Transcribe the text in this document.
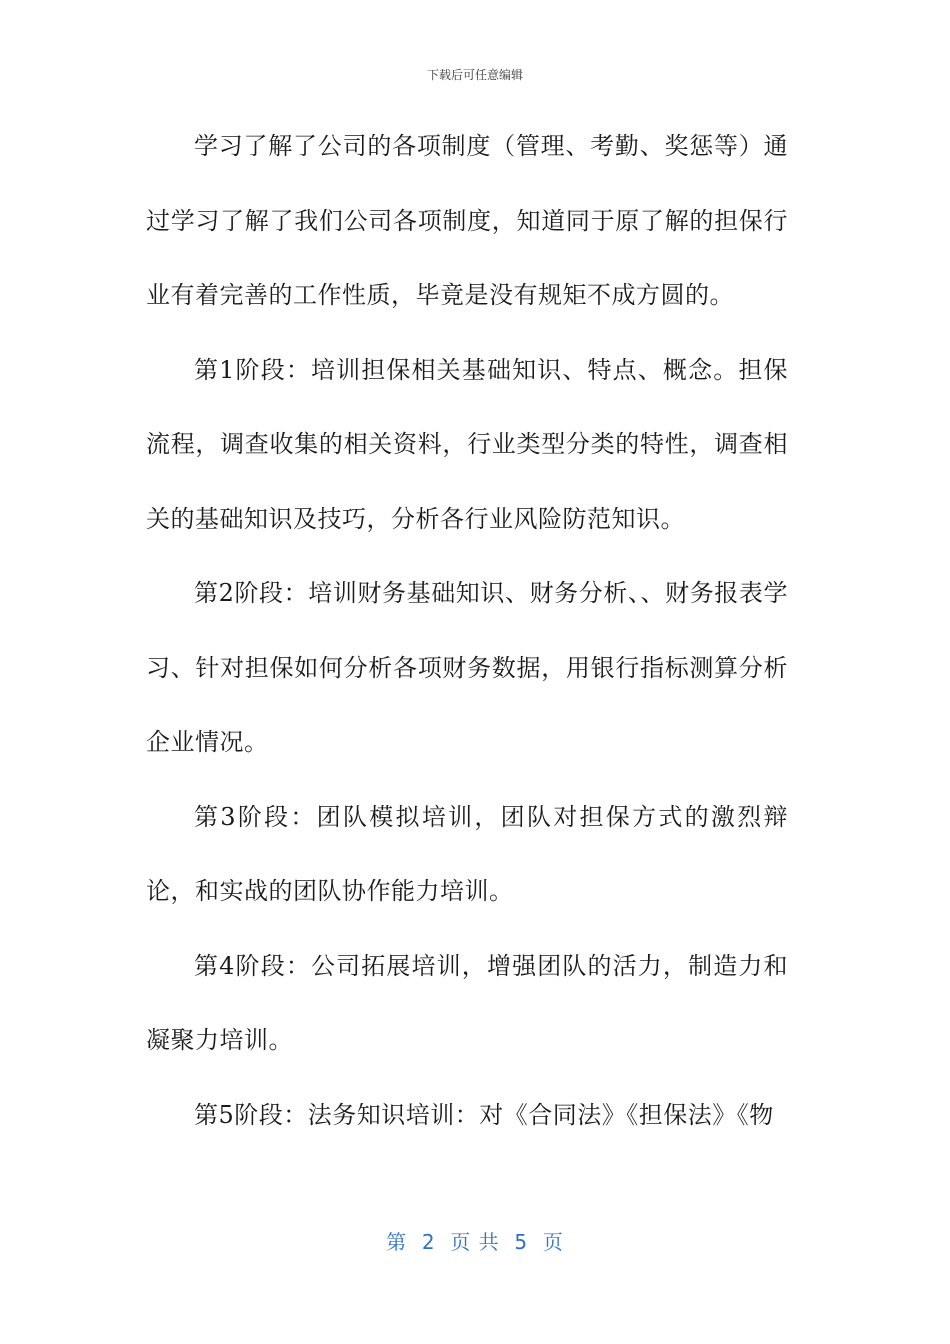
下载后可任意编辑

学习了解了公司的各项制度（管理、考勤、奖惩等）通过学习了解了我们公司各项制度，知道同于原了解的担保行业有着完善的工作性质，毕竟是没有规矩不成方圆的。

第1阶段：培训担保相关基础知识、特点、概念。担保流程，调查收集的相关资料，行业类型分类的特性，调查相关的基础知识及技巧，分析各行业风险防范知识。

第2阶段：培训财务基础知识、财务分析、、财务报表学习、针对担保如何分析各项财务数据，用银行指标测算分析企业情况。

第3阶段：团队模拟培训，团队对担保方式的激烈辩论，和实战的团队协作能力培训。

第4阶段：公司拓展培训，增强团队的活力，制造力和凝聚力培训。

第5阶段：法务知识培训：对《合同法》《担保法》《物

第  2  页 共  5  页
